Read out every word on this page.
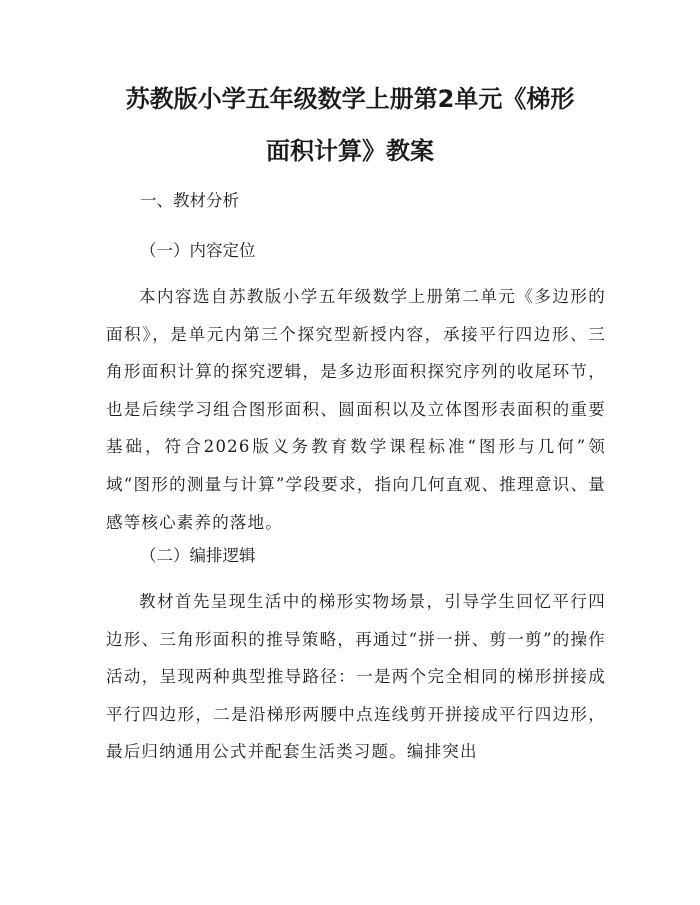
苏教版小学五年级数学上册第2单元《梯形
面积计算》教案

一、教材分析

（一）内容定位

本内容选自苏教版小学五年级数学上册第二单元《多边形的面积》，是单元内第三个探究型新授内容，承接平行四边形、三角形面积计算的探究逻辑，是多边形面积探究序列的收尾环节，也是后续学习组合图形面积、圆面积以及立体图形表面积的重要基础，符合2026版义务教育数学课程标准“图形与几何”领域“图形的测量与计算”学段要求，指向几何直观、推理意识、量感等核心素养的落地。

（二）编排逻辑

教材首先呈现生活中的梯形实物场景，引导学生回忆平行四边形、三角形面积的推导策略，再通过“拼一拼、剪一剪”的操作活动，呈现两种典型推导路径：一是两个完全相同的梯形拼接成平行四边形，二是沿梯形两腰中点连线剪开拼接成平行四边形，最后归纳通用公式并配套生活类习题。编排突出
